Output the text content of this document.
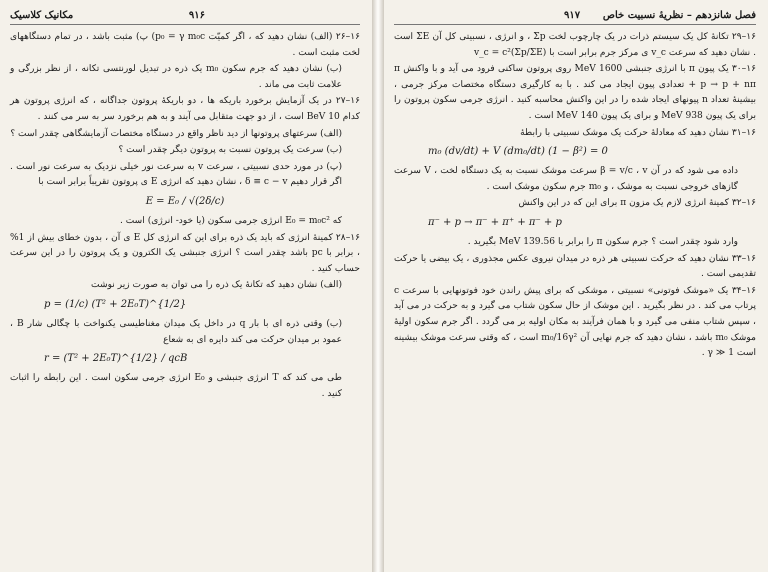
مکانیک کلاسیک	۹۱۶
۱۶–۲۶ (الف) نشان دهید که ، اگر کمیّت p₀ = γ m₀c) پ) مثبت باشد ، در تمام دستگاههای لخت مثبت است .
(ب) نشان دهید که جرم سکون m₀ یک ذره در تبدیل لورنتسی تکانه ، از نظر بزرگی و علامت ثابت می ماند .
۱۶–۲۷ در یک آزمایش برخورد باریکه ها ، دو باریکهٔ پروتون جداگانه ، که انرژی پروتون هر کدام 10 BeV است ، از دو جهت متقابل می آیند و به هم برخورد سر به سر می کنند .
(الف) سرعتهای پروتونها از دید ناظر واقع در دستگاه مختصات آزمایشگاهی چقدر است ؟
(ب) سرعت یک پروتون نسبت به پروتون دیگر چقدر است ؟
(پ) در مورد حدی نسبیتی ، سرعت v به سرعت نور خیلی نزدیک به سرعت نور است . اگر قرار دهیم δ ≡ c − v ، نشان دهید که انرژی E ی پروتون تقریباً برابر است با
E = E₀ / √(2δ/c)
که E₀ = m₀c² انرژی جرمی سکون (یا خود- انرژی) است .
۱۶–۲۸ کمینهٔ انرژی که باید یک ذره برای این که انرژی کل E ی آن ، بدون خطای بیش از 1% ، برابر با pc باشد چقدر است ؟ انرژی جنبشی یک الکترون و یک پروتون را در این سرعت حساب کنید .
(الف) نشان دهید که تکانهٔ یک ذره را می توان به صورت زیر نوشت
p = (1/c) (T² + 2E₀T)^{1/2}
(ب) وقتی ذره ای با بار q در داخل یک میدان مغناطیسی یکنواخت با چگالی شار B ، عمود بر میدان حرکت می کند دایره ای به شعاع
r = (T² + 2E₀T)^{1/2} / qcB
طی می کند که T انرژی جنبشی و E₀ انرژی جرمی سکون است . این رابطه را اثبات کنید .
فصل شانزدهم – نظریهٔ نسبیت خاص
۹۱۷
۱۶–۲۹ تکانهٔ کل یک سیستم ذرات در یک چارچوب لخت Σp ، و انرژی ، نسبیتی کل آن ΣE است . نشان دهید که سرعت v_c ی مرکز جرم برابر است با v_c = c²(Σp/ΣE)
۱۶–۳۰ یک پیون π با انرژی جنبشی 1600 MeV روی پروتون ساکنی فرود می آید و با واکنش π + p → p + nπ تعدادی پیون ایجاد می کند . با به کارگیری دستگاه مختصات مرکز جرمی ، بیشینهٔ تعداد n پیونهای ایجاد شده را در این واکنش محاسبه کنید . انرژی جرمی سکون پروتون را برای یک پیون 938 MeV و برای یک پیون 140 MeV است .
۱۶–۳۱ نشان دهید که معادلهٔ حرکت یک موشک نسبیتی با رابطهٔ
m₀ (dv/dt) + V (dm₀/dt) (1 − β²) = 0
داده می شود که در آن β = v/c ، v سرعت موشک نسبت به یک دستگاه لخت ، V سرعت گازهای خروجی نسبت به موشک ، و m₀ جرم سکون موشک است .
۱۶–۳۲ کمینهٔ انرژی لازم یک مزون π برای این که در این واکنش
π⁻ + p → π⁻ + π⁺ + π⁻ + p
وارد شود چقدر است ؟ جرم سکون π را برابر با 139.56 MeV بگیرید .
۱۶–۳۳ نشان دهید که حرکت نسبیتی هر ذره در میدان نیروی عکس مجذوری ، یک بیضی یا حرکت تقدیمی است .
۱۶–۳۴ یک «موشک فوتونی» نسبیتی ، موشکی که برای پیش راندن خود فوتونهایی با سرعت c پرتاب می کند . در نظر بگیرید . این موشک از حال سکون شتاب می گیرد و به حرکت در می آید ، سپس شتاب منفی می گیرد و با همان فرآیند به مکان اولیه بر می گردد . اگر جرم سکون اولیهٔ موشک m₀ باشد ، نشان دهید که جرم نهایی آن m₀/16γ² است ، که وقتی سرعت موشک بیشینه است γ ≫ 1 .
